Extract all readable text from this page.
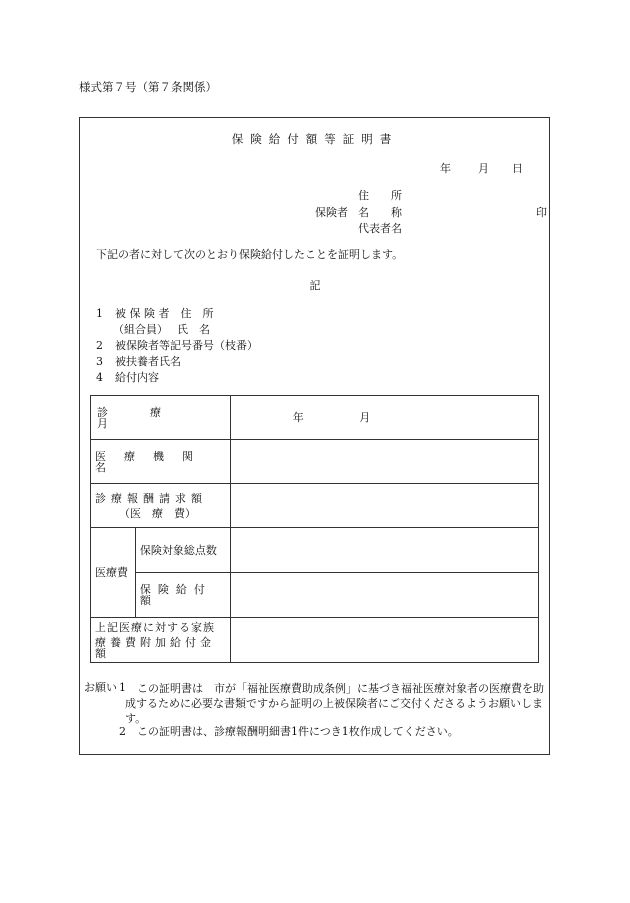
様式第７号（第７条関係）
保険給付額等証明書
年 月 日
住　　所
保険者 名　　称
代表者名
印
下記の者に対して次のとおり保険給付したことを証明します。
記
1 被 保 険 者　住　所
（組合員）　 氏　名
2 被保険者等記号番号（枝番）
3 被扶養者氏名
4 給付内容
診療月		年 月
医療機関名		

診療報酬請求額
（医　療　費）		

医療費	保険対象総点数	
	保険給付額	

上記医療に対する家族
療養費附加給付金額		

お願い 1	この証明書は　市が「福祉医療費助成条例」に基づき福祉医療対象者の医療費を助成するために必要な書類ですから証明の上被保険者にご交付くださるようお願いします。
2 この証明書は、診療報酬明細書1件につき1枚作成してください。
